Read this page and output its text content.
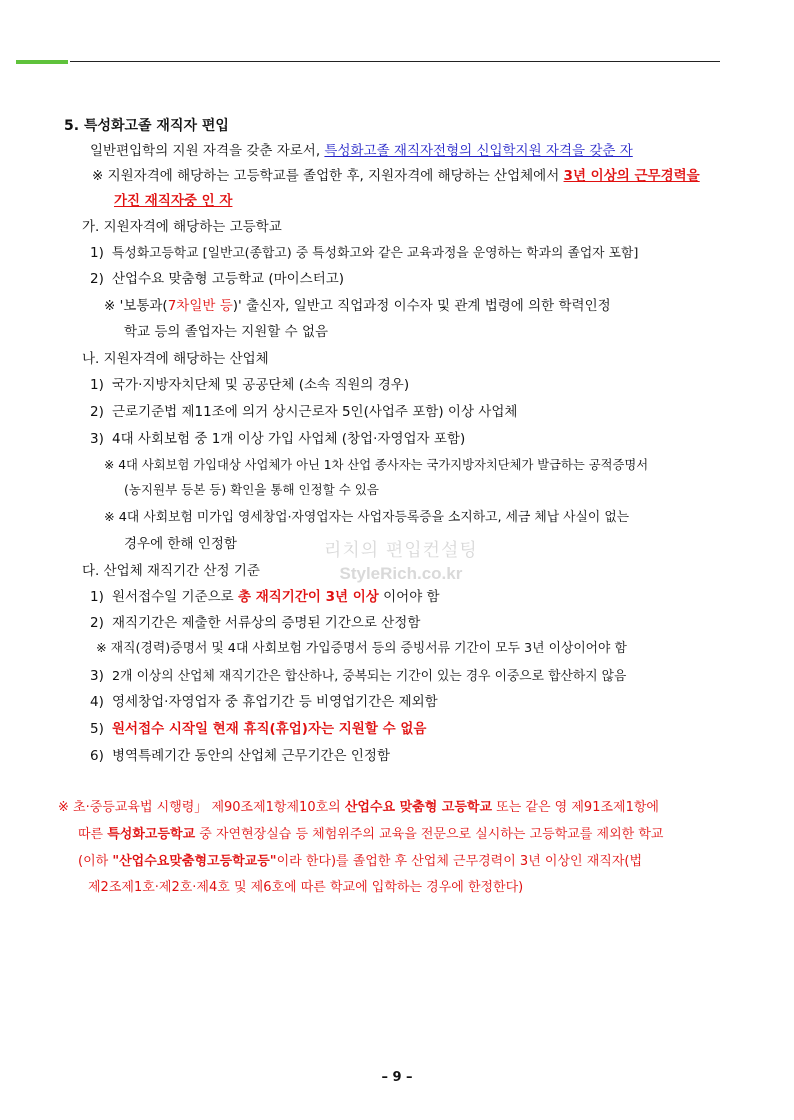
5. 특성화고졸 재직자 편입
일반편입학의 지원 자격을 갖춘 자로서, 특성화고졸 재직자전형의 신입학지원 자격을 갖춘 자
※ 지원자격에 해당하는 고등학교를 졸업한 후, 지원자격에 해당하는 산업체에서 3년 이상의 근무경력을
가진 재직자중 인 자
가. 지원자격에 해당하는 고등학교
1) 특성화고등학교 [일반고(종합고) 중 특성화고와 같은 교육과정을 운영하는 학과의 졸업자 포함]
2) 산업수요 맞춤형 고등학교 (마이스터고)
※ '보통과(7차일반 등)' 출신자, 일반고 직업과정 이수자 및 관계 법령에 의한 학력인정
학교 등의 졸업자는 지원할 수 없음
나. 지원자격에 해당하는 산업체
1) 국가·지방자치단체 및 공공단체 (소속 직원의 경우)
2) 근로기준법 제11조에 의거 상시근로자 5인(사업주 포함) 이상 사업체
3) 4대 사회보험 중 1개 이상 가입 사업체 (창업·자영업자 포함)
※ 4대 사회보험 가입대상 사업체가 아닌 1차 산업 종사자는 국가지방자치단체가 발급하는 공적증명서
(농지원부 등본 등) 확인을 통해 인정할 수 있음
※ 4대 사회보험 미가입 영세창업·자영업자는 사업자등록증을 소지하고, 세금 체납 사실이 없는
경우에 한해 인정함
다. 산업체 재직기간 산정 기준
1) 원서접수일 기준으로 총 재직기간이 3년 이상 이어야 함
2) 재직기간은 제출한 서류상의 증명된 기간으로 산정함
※ 재직(경력)증명서 및 4대 사회보험 가입증명서 등의 증빙서류 기간이 모두 3년 이상이어야 함
3) 2개 이상의 산업체 재직기간은 합산하나, 중복되는 기간이 있는 경우 이중으로 합산하지 않음
4) 영세창업·자영업자 중 휴업기간 등 비영업기간은 제외함
5) 원서접수 시작일 현재 휴직(휴업)자는 지원할 수 없음
6) 병역특례기간 동안의 산업체 근무기간은 인정함
※ 초·중등교육법 시행령」 제90조제1항제10호의 산업수요 맞춤형 고등학교 또는 같은 영 제91조제1항에
따른 특성화고등학교 중 자연현장실습 등 체험위주의 교육을 전문으로 실시하는 고등학교를 제외한 학교
(이하 "산업수요맞춤형고등학교등"이라 한다)를 졸업한 후 산업체 근무경력이 3년 이상인 재직자(법
제2조제1호·제2호·제4호 및 제6호에 따른 학교에 입학하는 경우에 한정한다)
리치의 편입컨설팅
StyleRich.co.kr
– 9 –
